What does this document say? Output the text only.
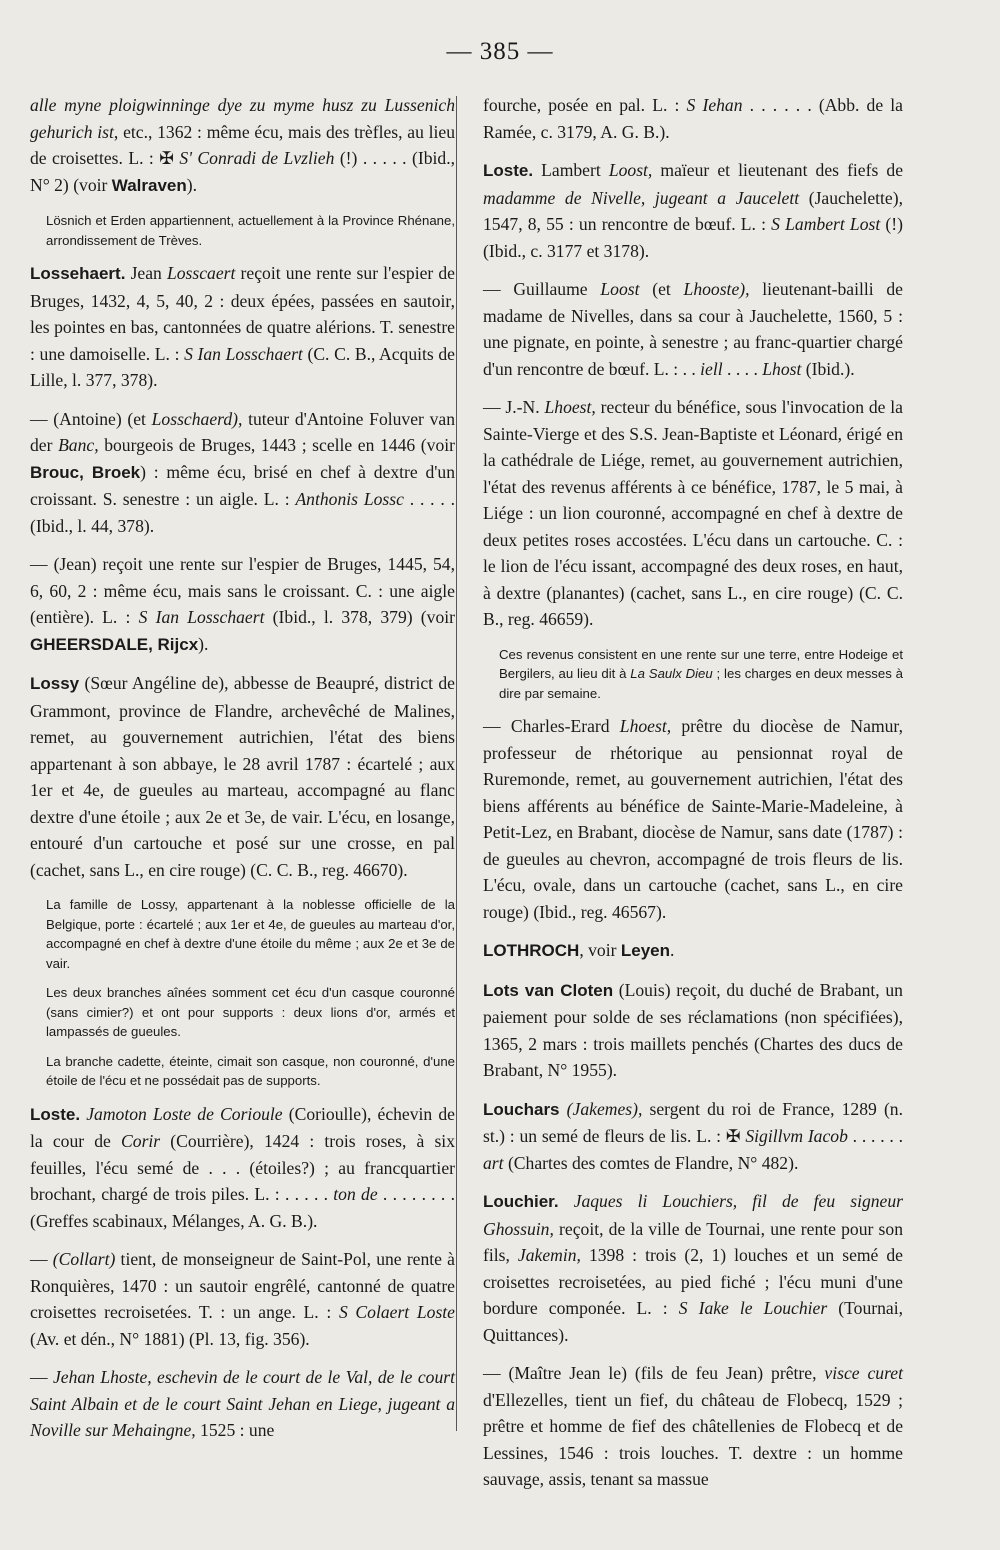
— 385 —

alle myne ploigwinninge dye zu myme husz zu Lussenich gehurich ist, etc., 1362 : même écu, mais des trèfles, au lieu de croisettes. L. : ✠ S' Conradi de Lvzlieh (!) . . . . . (Ibid., N° 2) (voir Walraven).

Lösnich et Erden appartiennent, actuellement à la Province Rhénane, arrondissement de Trèves.

Lossehaert. Jean Losscaert reçoit une rente sur l'espier de Bruges, 1432, 4, 5, 40, 2 : deux épées, passées en sautoir, les pointes en bas, cantonnées de quatre alérions. T. senestre : une damoiselle. L. : S Ian Losschaert (C. C. B., Acquits de Lille, l. 377, 378).

— (Antoine) (et Losschaerd), tuteur d'Antoine Foluver van der Banc, bourgeois de Bruges, 1443 ; scelle en 1446 (voir Brouc, Broek) : même écu, brisé en chef à dextre d'un croissant. S. senestre : un aigle. L. : Anthonis Lossc . . . . . (Ibid., l. 44, 378).

— (Jean) reçoit une rente sur l'espier de Bruges, 1445, 54, 6, 60, 2 : même écu, mais sans le croissant. C. : une aigle (entière). L. : S Ian Losschaert (Ibid., l. 378, 379) (voir GHEERSDALE, Rijcx).

Lossy (Sœur Angéline de), abbesse de Beaupré, district de Grammont, province de Flandre, archevêché de Malines, remet, au gouvernement autrichien, l'état des biens appartenant à son abbaye, le 28 avril 1787 : écartelé ; aux 1er et 4e, de gueules au marteau, accompagné au flanc dextre d'une étoile ; aux 2e et 3e, de vair. L'écu, en losange, entouré d'un cartouche et posé sur une crosse, en pal (cachet, sans L., en cire rouge) (C. C. B., reg. 46670).

La famille de Lossy, appartenant à la noblesse officielle de la Belgique, porte : écartelé ; aux 1er et 4e, de gueules au marteau d'or, accompagné en chef à dextre d'une étoile du même ; aux 2e et 3e de vair.

Les deux branches aînées somment cet écu d'un casque couronné (sans cimier?) et ont pour supports : deux lions d'or, armés et lampassés de gueules.

La branche cadette, éteinte, cimait son casque, non couronné, d'une étoile de l'écu et ne possédait pas de supports.

Loste. Jamoton Loste de Corioule (Corioulle), échevin de la cour de Corir (Courrière), 1424 : trois roses, à six feuilles, l'écu semé de . . . (étoiles?) ; au francquartier brochant, chargé de trois piles. L. : . . . . . ton de . . . . . . . . (Greffes scabinaux, Mélanges, A. G. B.).

— (Collart) tient, de monseigneur de Saint-Pol, une rente à Ronquières, 1470 : un sautoir engrêlé, cantonné de quatre croisettes recroisetées. T. : un ange. L. : S Colaert Loste (Av. et dén., N° 1881) (Pl. 13, fig. 356).

— Jehan Lhoste, eschevin de le court de le Val, de le court Saint Albain et de le court Saint Jehan en Liege, jugeant a Noville sur Mehaingne, 1525 : une

fourche, posée en pal. L. : S Iehan . . . . . . (Abb. de la Ramée, c. 3179, A. G. B.).

Loste. Lambert Loost, maïeur et lieutenant des fiefs de madamme de Nivelle, jugeant a Jaucelett (Jauchelette), 1547, 8, 55 : un rencontre de bœuf. L. : S Lambert Lost (!) (Ibid., c. 3177 et 3178).

— Guillaume Loost (et Lhooste), lieutenant-bailli de madame de Nivelles, dans sa cour à Jauchelette, 1560, 5 : une pignate, en pointe, à senestre ; au franc-quartier chargé d'un rencontre de bœuf. L. : . . iell . . . . Lhost (Ibid.).

— J.-N. Lhoest, recteur du bénéfice, sous l'invocation de la Sainte-Vierge et des S.S. Jean-Baptiste et Léonard, érigé en la cathédrale de Liége, remet, au gouvernement autrichien, l'état des revenus afférents à ce bénéfice, 1787, le 5 mai, à Liége : un lion couronné, accompagné en chef à dextre de deux petites roses accostées. L'écu dans un cartouche. C. : le lion de l'écu issant, accompagné des deux roses, en haut, à dextre (planantes) (cachet, sans L., en cire rouge) (C. C. B., reg. 46659).

Ces revenus consistent en une rente sur une terre, entre Hodeige et Bergilers, au lieu dit à La Saulx Dieu ; les charges en deux messes à dire par semaine.

— Charles-Erard Lhoest, prêtre du diocèse de Namur, professeur de rhétorique au pensionnat royal de Ruremonde, remet, au gouvernement autrichien, l'état des biens afférents au bénéfice de Sainte-Marie-Madeleine, à Petit-Lez, en Brabant, diocèse de Namur, sans date (1787) : de gueules au chevron, accompagné de trois fleurs de lis. L'écu, ovale, dans un cartouche (cachet, sans L., en cire rouge) (Ibid., reg. 46567).

LOTHROCH, voir Leyen.

Lots van Cloten (Louis) reçoit, du duché de Brabant, un paiement pour solde de ses réclamations (non spécifiées), 1365, 2 mars : trois maillets penchés (Chartes des ducs de Brabant, N° 1955).

Louchars (Jakemes), sergent du roi de France, 1289 (n. st.) : un semé de fleurs de lis. L. : ✠ Sigillvm Iacob . . . . . . art (Chartes des comtes de Flandre, N° 482).

Louchier. Jaques li Louchiers, fil de feu signeur Ghossuin, reçoit, de la ville de Tournai, une rente pour son fils, Jakemin, 1398 : trois (2, 1) louches et un semé de croisettes recroisetées, au pied fiché ; l'écu muni d'une bordure componée. L. : S Iake le Louchier (Tournai, Quittances).

— (Maître Jean le) (fils de feu Jean) prêtre, visce curet d'Ellezelles, tient un fief, du château de Flobecq, 1529 ; prêtre et homme de fief des châtellenies de Flobecq et de Lessines, 1546 : trois louches. T. dextre : un homme sauvage, assis, tenant sa massue
